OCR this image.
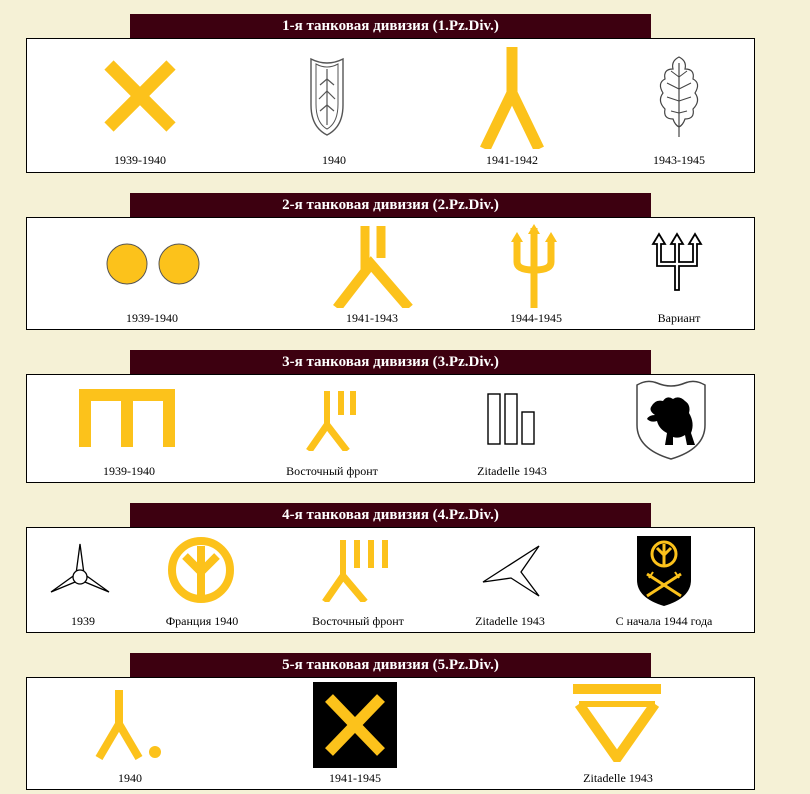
1-я танковая дивизия (1.Pz.Div.)
1939-1940	1940	1941-1942	1943-1945
2-я танковая дивизия (2.Pz.Div.)
1939-1940	1941-1943	1944-1945	Вариант
3-я танковая дивизия (3.Pz.Div.)
1939-1940	Восточный фронт	Zitadelle 1943
4-я танковая дивизия (4.Pz.Div.)
1939	Франция 1940	Восточный фронт	Zitadelle 1943	С начала 1944 года
5-я танковая дивизия (5.Pz.Div.)
1940	1941-1945	Zitadelle 1943
